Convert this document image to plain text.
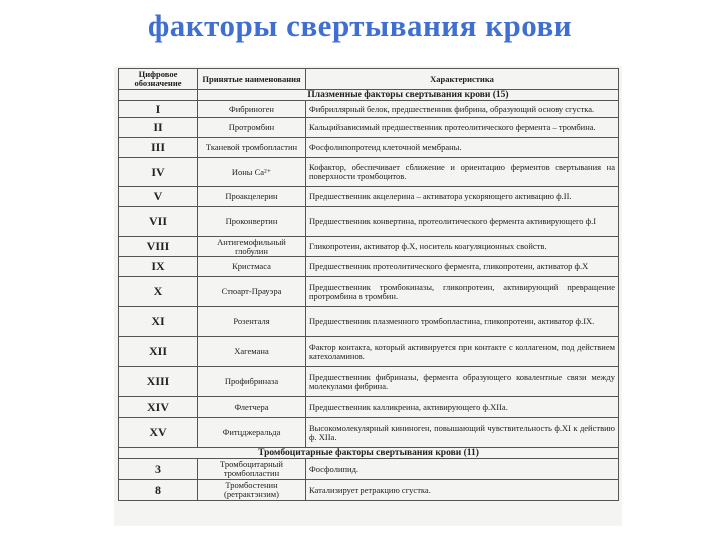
факторы свертывания крови
Цифровое обозначение	Принятые наименования	Характеристика
	Плазменные факторы свертывания крови (15)	
I	Фибриноген	Фибриллярный белок, предшественник фибрина, образующий основу сгустка.
II	Протромбин	Кальцийзависимый предшественник протеолитического фермента – тромбина.
III	Тканевой тромбопластин	Фосфолипопротеид клеточной мембраны.
IV	Ионы Ca²⁺	Кофактор, обеспечивает сближение и ориентацию ферментов свертывания на поверхности тромбоцитов.
V	Проакцелерин	Предшественник акцелерина – активатора ускоряющего активацию ф.II.
VII	Проконвертин	Предшественник конвертина, протеолитического фермента активирующего ф.I
VIII	Антигемофильный глобулин	Гликопротеин, активатор ф.Х, носитель коагуляционных свойств.
IX	Кристмаса	Предшественник протеолитического фермента, гликопротеин, активатор ф.Х
X	Стюарт-Прауэра	Предшественник тромбокиназы, гликопротеин, активирующий превращение протромбина в тромбин.
XI	Розенталя	Предшественник плазменного тромбопластина, гликопротеин, активатор ф.IX.
XII	Хагемана	Фактор контакта, который активируется при контакте с коллагеном, под действием катехоламинов.
XIII	Профибриназа	Предшественник фибриназы, фермента образующего ковалентные связи между молекулами фибрина.
XIV	Флетчера	Предшественник калликреина, активирующего ф.XIIа.
XV	Фитцджеральда	Высокомолекулярный кининоген, повышающий чувствительность ф.XI к действию ф. XIIа.
Тромбоцитарные факторы свертывания крови (11)		
3	Тромбоцитарный тромбопластин	Фосфолипид.
8	Тромбостенин (ретрактэнзим)	Катализирует ретракцию сгустка.
